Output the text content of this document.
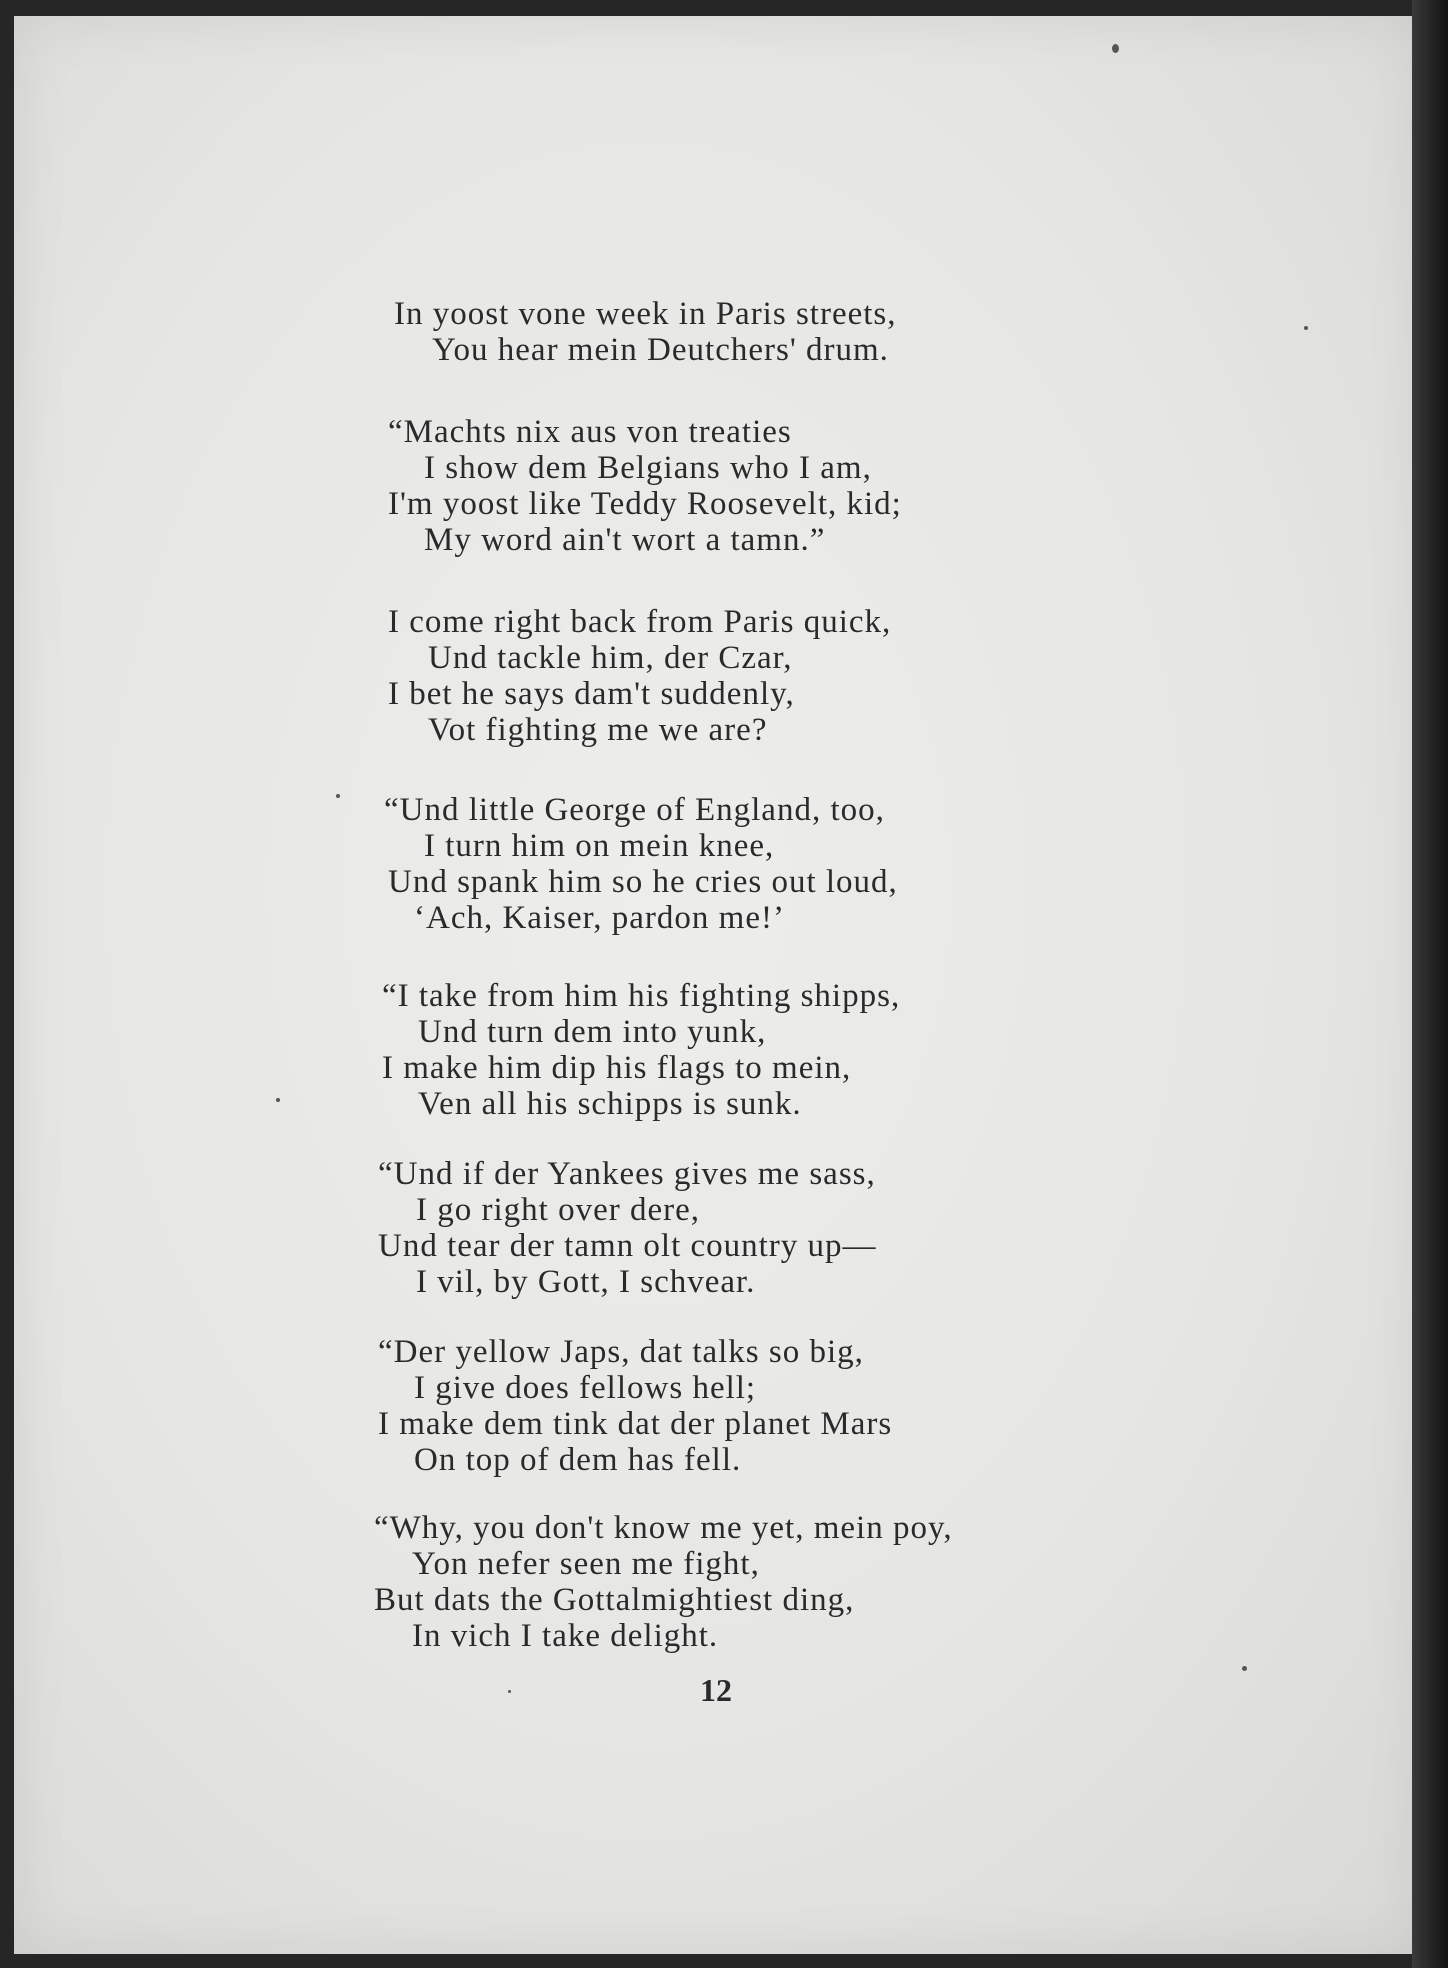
In yoost vone week in Paris streets,
You hear mein Deutchers' drum.
“Machts nix aus von treaties
I show dem Belgians who I am,
I'm yoost like Teddy Roosevelt, kid;
My word ain't wort a tamn.”
I come right back from Paris quick,
Und tackle him, der Czar,
I bet he says dam't suddenly,
Vot fighting me we are?
“Und little George of England, too,
I turn him on mein knee,
Und spank him so he cries out loud,
‘Ach, Kaiser, pardon me!’
“I take from him his fighting shipps,
Und turn dem into yunk,
I make him dip his flags to mein,
Ven all his schipps is sunk.
“Und if der Yankees gives me sass,
I go right over dere,
Und tear der tamn olt country up—
I vil, by Gott, I schvear.
“Der yellow Japs, dat talks so big,
I give does fellows hell;
I make dem tink dat der planet Mars
On top of dem has fell.
“Why, you don't know me yet, mein poy,
Yon nefer seen me fight,
But dats the Gottalmightiest ding,
In vich I take delight.
12
